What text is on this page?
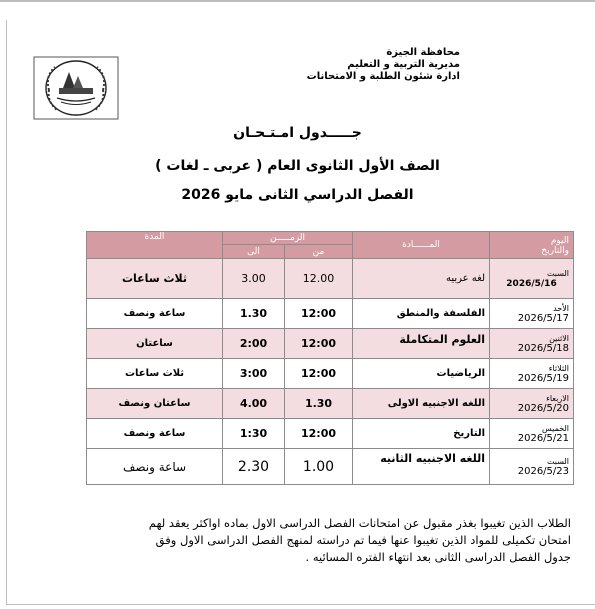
محافظة الجيزة
مديرية التربية و التعليم
ادارة شئون الطلبة و الامتحانات
جـــــدول امـتـحـان
الصف الأول الثانوى العام ( عربى ـ لغات )
الفصل الدراسي الثانى مايو 2026
اليوم
والتاريخ	المــــــادة	الزمـــــن		المدة
		من	الى	
السبت
2026/5/16	لغه عربيه	12.00	3.00	ثلاث ساعات
الأحد
2026/5/17	الفلسفة والمنطق	12:00	1.30	ساعة ونصف
الاثنين
2026/5/18	العلوم المتكاملة	12:00	2:00	ساعتان
الثلاثاء
2026/5/19	الرياضيات	12:00	3:00	ثلاث ساعات
الاربعاء
2026/5/20	اللغه الاجنبيه الاولى	1.30	4.00	ساعتان ونصف
الخميس
2026/5/21	التاريخ	12:00	1:30	ساعة ونصف
السبت
2026/5/23	اللغه الاجنبيه الثانيه	1.00	2.30	ساعة ونصف
الطلاب الذين تغيبوا بغذر مقبول عن امتحانات الفصل الدراسى الاول بماده اواكثر يعقد لهم
امتحان تكميلى للمواد الذين تغيبوا عنها فيما تم دراسته لمنهج الفصل الدراسى الاول وفق
جدول الفصل الدراسى الثانى بعد انتهاء الفتره المسائيه .
